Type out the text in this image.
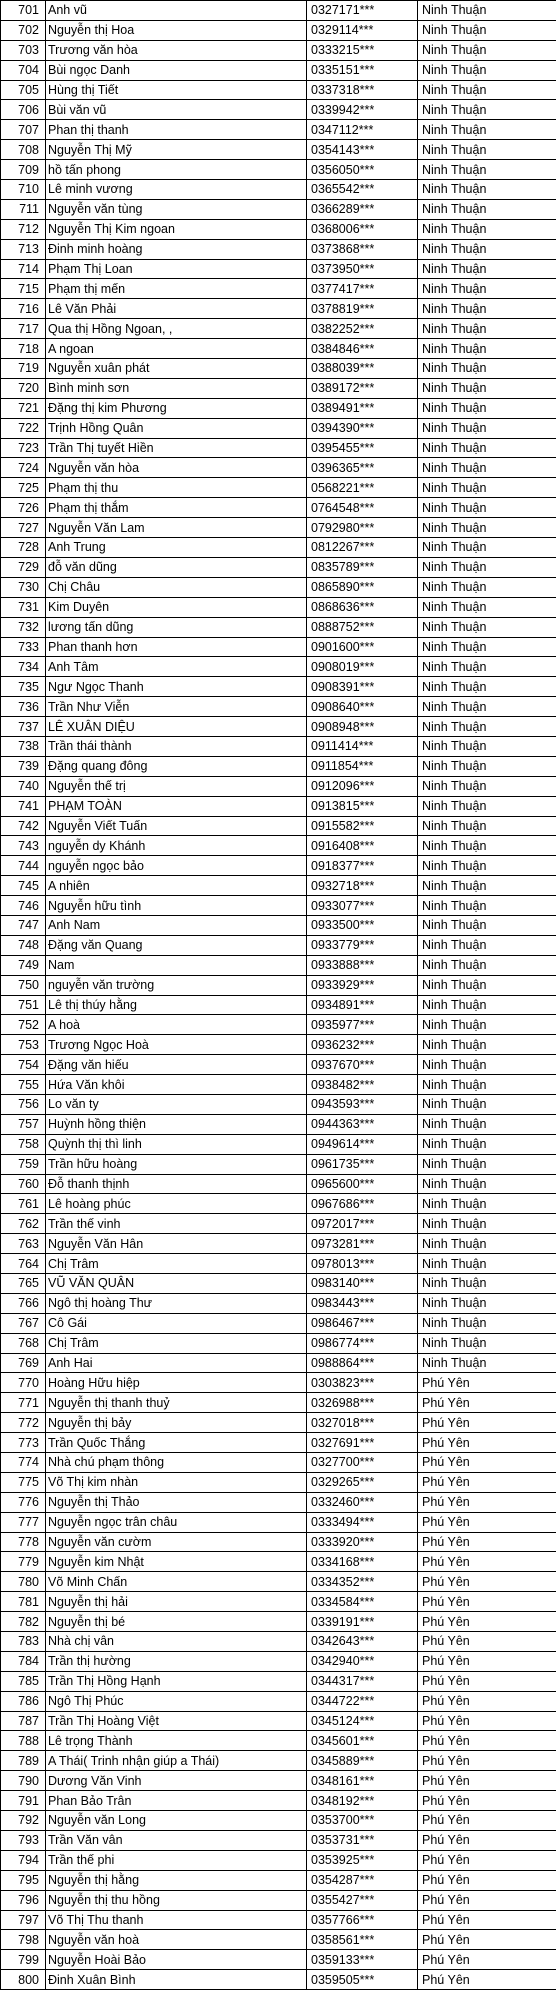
701	Anh vũ	0327171***	Ninh Thuận
702	Nguyễn thị Hoa	0329114***	Ninh Thuận
703	Trương văn hòa	0333215***	Ninh Thuận
704	Bùi ngọc Danh	0335151***	Ninh Thuận
705	Hùng thị Tiết	0337318***	Ninh Thuận
706	Bùi văn vũ	0339942***	Ninh Thuận
707	Phan thị thanh	0347112***	Ninh Thuận
708	Nguyễn Thị Mỹ	0354143***	Ninh Thuận
709	hồ tấn phong	0356050***	Ninh Thuận
710	Lê minh vương	0365542***	Ninh Thuận
711	Nguyễn văn tùng	0366289***	Ninh Thuận
712	Nguyễn Thị Kim ngoan	0368006***	Ninh Thuận
713	Đinh minh hoàng	0373868***	Ninh Thuận
714	Phạm Thị Loan	0373950***	Ninh Thuận
715	Phạm thị mến	0377417***	Ninh Thuận
716	Lê Văn Phải	0378819***	Ninh Thuận
717	Qua thị Hồng Ngoan, ,	0382252***	Ninh Thuận
718	A ngoan	0384846***	Ninh Thuận
719	Nguyễn xuân phát	0388039***	Ninh Thuận
720	Bình minh sơn	0389172***	Ninh Thuận
721	Đặng thị kim Phương	0389491***	Ninh Thuận
722	Trịnh Hồng Quân	0394390***	Ninh Thuận
723	Trần Thị tuyết Hiền	0395455***	Ninh Thuận
724	Nguyễn văn hòa	0396365***	Ninh Thuận
725	Phạm thị thu	0568221***	Ninh Thuận
726	Phạm thị thắm	0764548***	Ninh Thuận
727	Nguyễn Văn Lam	0792980***	Ninh Thuận
728	Anh Trung	0812267***	Ninh Thuận
729	đỗ văn dũng	0835789***	Ninh Thuận
730	Chị Châu	0865890***	Ninh Thuận
731	Kim Duyên	0868636***	Ninh Thuận
732	lương tấn dũng	0888752***	Ninh Thuận
733	Phan thanh hơn	0901600***	Ninh Thuận
734	Anh Tâm	0908019***	Ninh Thuận
735	Ngư Ngọc Thanh	0908391***	Ninh Thuận
736	Trần Như Viễn	0908640***	Ninh Thuận
737	LÊ XUÂN DIỆU	0908948***	Ninh Thuận
738	Trần thái thành	0911414***	Ninh Thuận
739	Đặng quang đông	0911854***	Ninh Thuận
740	Nguyễn thế trị	0912096***	Ninh Thuận
741	PHẠM TOÀN	0913815***	Ninh Thuận
742	Nguyễn Viết Tuấn	0915582***	Ninh Thuận
743	nguyễn dy Khánh	0916408***	Ninh Thuận
744	nguyễn ngọc bảo	0918377***	Ninh Thuận
745	A nhiên	0932718***	Ninh Thuận
746	Nguyễn hữu tình	0933077***	Ninh Thuận
747	Anh Nam	0933500***	Ninh Thuận
748	Đặng văn Quang	0933779***	Ninh Thuận
749	Nam	0933888***	Ninh Thuận
750	nguyễn văn trường	0933929***	Ninh Thuận
751	Lê thị thúy hằng	0934891***	Ninh Thuận
752	A hoà	0935977***	Ninh Thuận
753	Trương Ngọc Hoà	0936232***	Ninh Thuận
754	Đặng văn hiếu	0937670***	Ninh Thuận
755	Hứa Văn khôi	0938482***	Ninh Thuận
756	Lo văn ty	0943593***	Ninh Thuận
757	Huỳnh hồng thiện	0944363***	Ninh Thuận
758	Quỳnh thị thì linh	0949614***	Ninh Thuận
759	Trần hữu hoàng	0961735***	Ninh Thuận
760	Đỗ thanh thịnh	0965600***	Ninh Thuận
761	Lê hoàng phúc	0967686***	Ninh Thuận
762	Trần thế vinh	0972017***	Ninh Thuận
763	Nguyễn Văn Hân	0973281***	Ninh Thuận
764	Chị Trâm	0978013***	Ninh Thuận
765	VŨ VĂN QUÂN	0983140***	Ninh Thuận
766	Ngô thị hoàng Thư	0983443***	Ninh Thuận
767	Cô Gái	0986467***	Ninh Thuận
768	Chị Trâm	0986774***	Ninh Thuận
769	Anh Hai	0988864***	Ninh Thuận
770	Hoàng Hữu hiệp	0303823***	Phú Yên
771	Nguyễn thị thanh thuỷ	0326988***	Phú Yên
772	Nguyễn thị bảy	0327018***	Phú Yên
773	Trần Quốc Thắng	0327691***	Phú Yên
774	Nhà chú phạm thông	0327700***	Phú Yên
775	Võ Thị kim nhàn	0329265***	Phú Yên
776	Nguyễn thị Thảo	0332460***	Phú Yên
777	Nguyễn ngọc trân châu	0333494***	Phú Yên
778	Nguyễn văn cườm	0333920***	Phú Yên
779	Nguyễn kim Nhật	0334168***	Phú Yên
780	Võ Minh Chấn	0334352***	Phú Yên
781	Nguyễn thị hải	0334584***	Phú Yên
782	Nguyễn thị bé	0339191***	Phú Yên
783	Nhà chị vân	0342643***	Phú Yên
784	Trần thị hường	0342940***	Phú Yên
785	Trần Thị Hồng Hạnh	0344317***	Phú Yên
786	Ngô Thị Phúc	0344722***	Phú Yên
787	Trần Thị Hoàng Việt	0345124***	Phú Yên
788	Lê trọng Thành	0345601***	Phú Yên
789	A Thái( Trinh nhận giúp a Thái)	0345889***	Phú Yên
790	Dương Văn Vinh	0348161***	Phú Yên
791	Phan Bảo Trân	0348192***	Phú Yên
792	Nguyễn văn Long	0353700***	Phú Yên
793	Trần Văn vân	0353731***	Phú Yên
794	Trần thế phi	0353925***	Phú Yên
795	Nguyễn thị hằng	0354287***	Phú Yên
796	Nguyễn thị thu hồng	0355427***	Phú Yên
797	Võ Thị Thu thanh	0357766***	Phú Yên
798	Nguyễn văn hoà	0358561***	Phú Yên
799	Nguyễn Hoài Bảo	0359133***	Phú Yên
800	Đinh Xuân Bình	0359505***	Phú Yên
